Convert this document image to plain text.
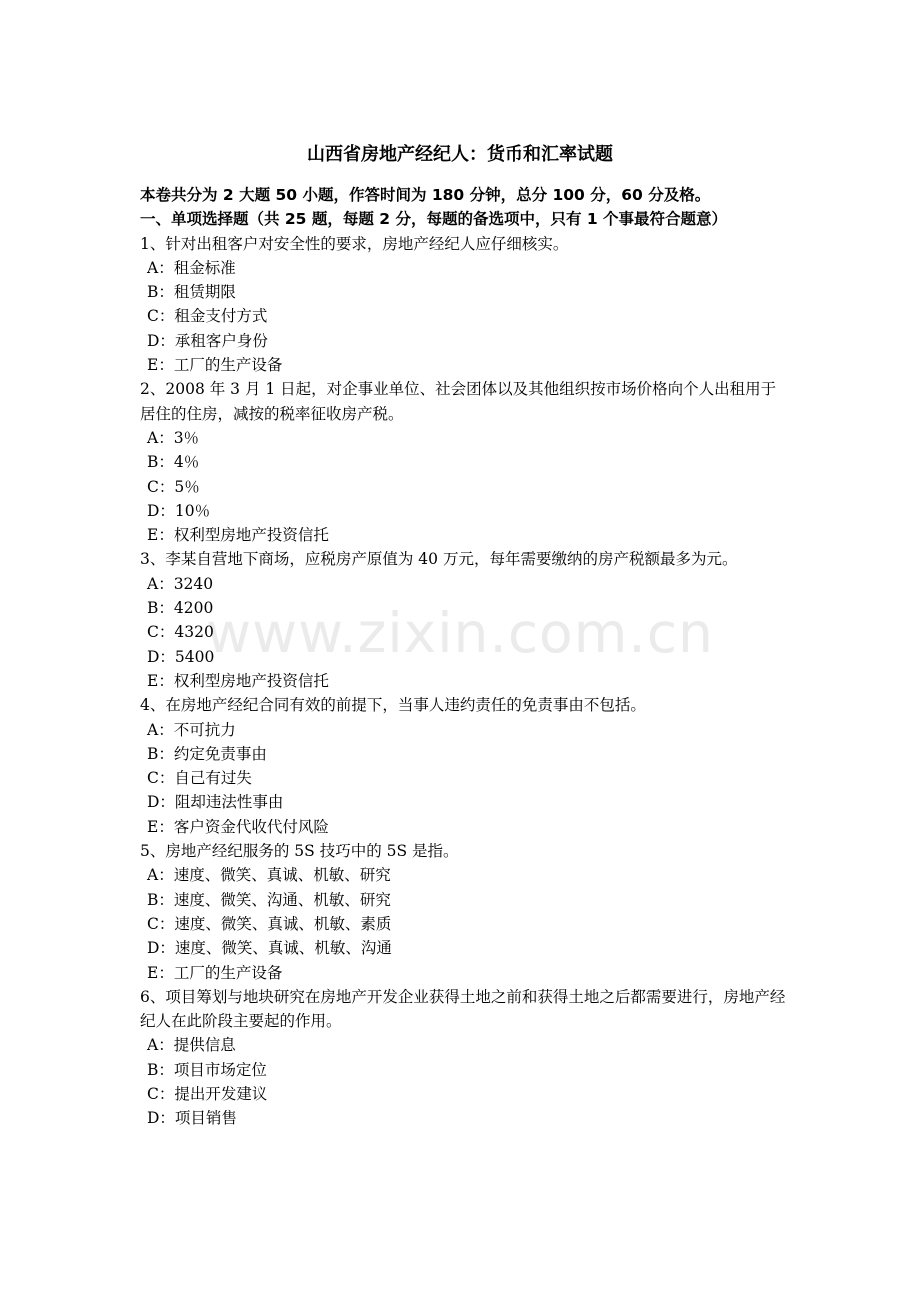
www.zixin.com.cn
山西省房地产经纪人：货币和汇率试题

本卷共分为 2 大题 50 小题，作答时间为 180 分钟，总分 100 分，60 分及格。

一、单项选择题（共 25 题，每题 2 分，每题的备选项中，只有 1 个事最符合题意）

1、针对出租客户对安全性的要求，房地产经纪人应仔细核实。

A：租金标准

B：租赁期限

C：租金支付方式

D：承租客户身份

E：工厂的生产设备

2、2008 年 3 月 1 日起，对企事业单位、社会团体以及其他组织按市场价格向个人出租用于居住的住房，减按的税率征收房产税。

A：3％

B：4％

C：5％

D：10％

E：权利型房地产投资信托

3、李某自营地下商场，应税房产原值为 40 万元，每年需要缴纳的房产税额最多为元。

A：3240

B：4200

C：4320

D：5400

E：权利型房地产投资信托

4、在房地产经纪合同有效的前提下，当事人违约责任的免责事由不包括。

A：不可抗力

B：约定免责事由

C：自己有过失

D：阻却违法性事由

E：客户资金代收代付风险

5、房地产经纪服务的 5S 技巧中的 5S 是指。

A：速度、微笑、真诚、机敏、研究

B：速度、微笑、沟通、机敏、研究

C：速度、微笑、真诚、机敏、素质

D：速度、微笑、真诚、机敏、沟通

E：工厂的生产设备

6、项目筹划与地块研究在房地产开发企业获得土地之前和获得土地之后都需要进行，房地产经纪人在此阶段主要起的作用。

A：提供信息

B：项目市场定位

C：提出开发建议

D：项目销售
